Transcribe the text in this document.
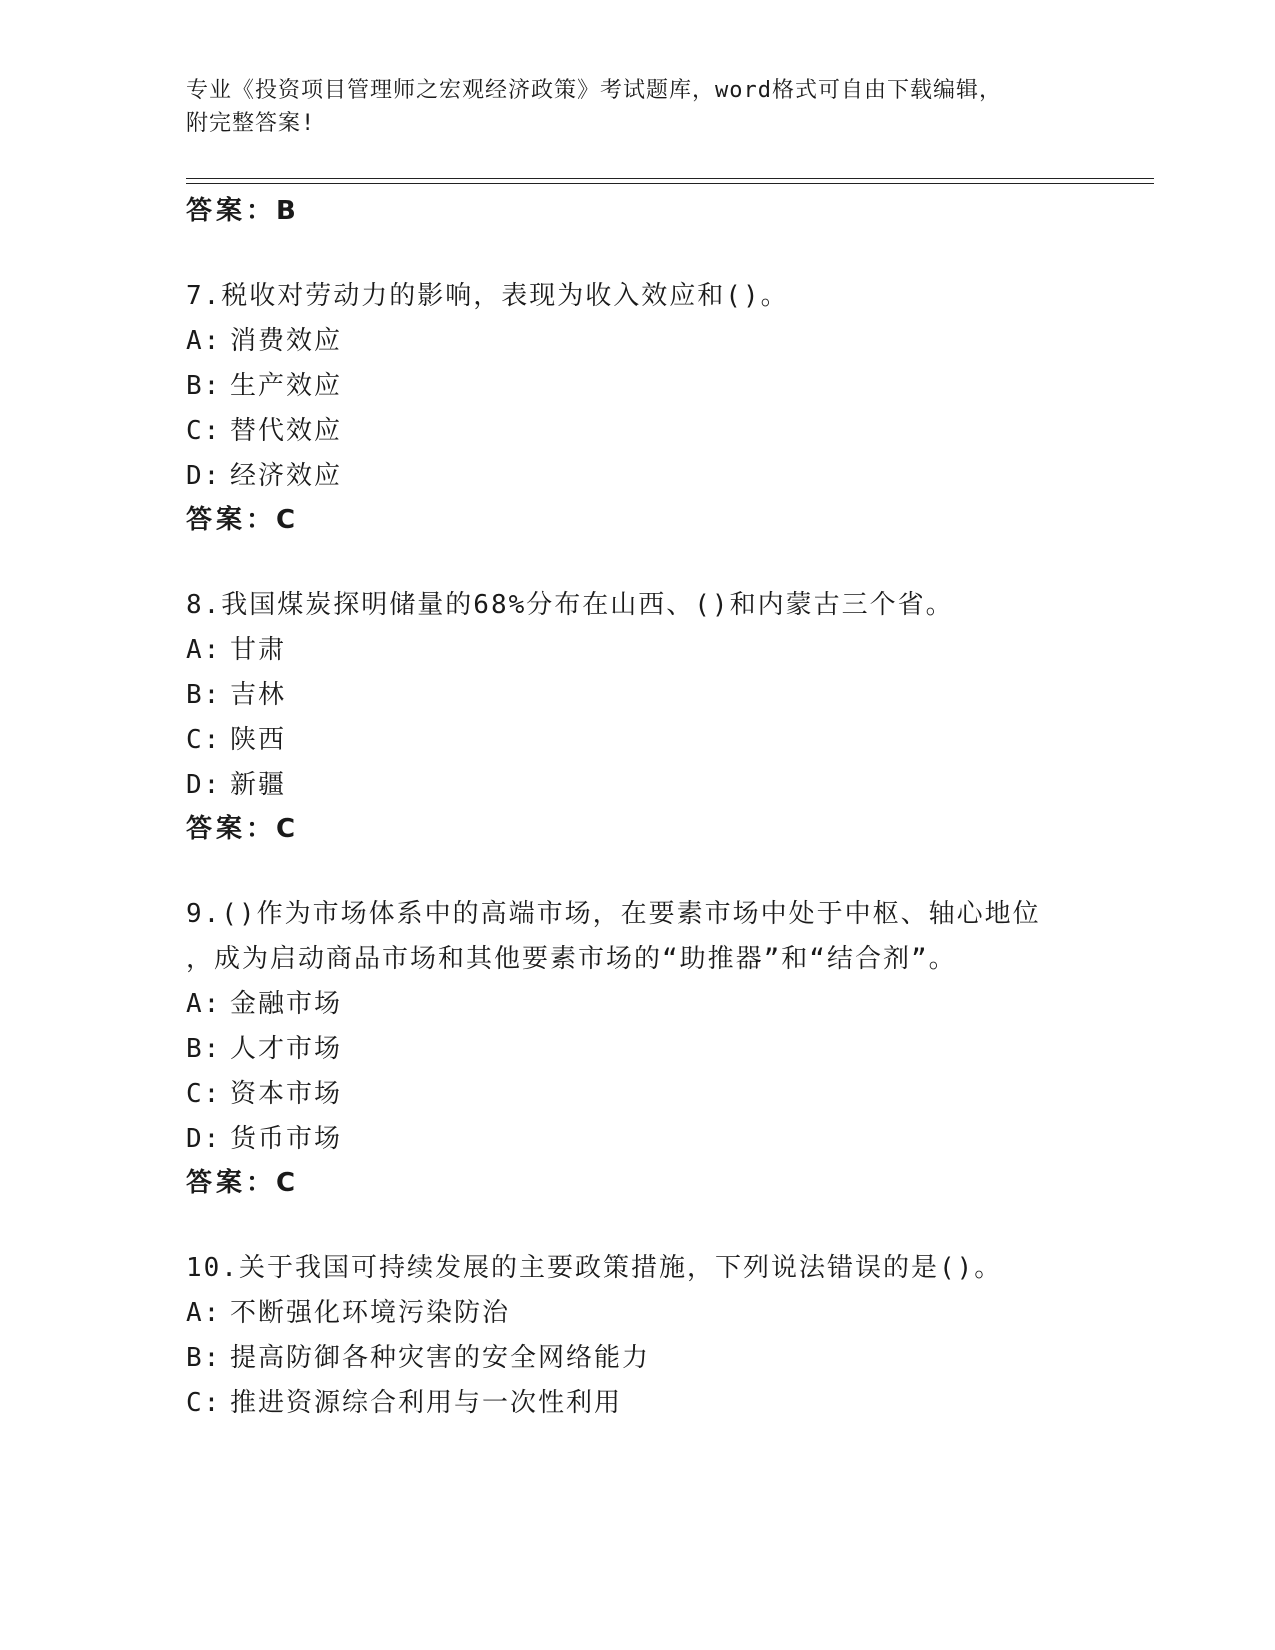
专业《投资项目管理师之宏观经济政策》考试题库，word格式可自由下载编辑，
附完整答案!
答案：B
7.税收对劳动力的影响，表现为收入效应和()。
A: 消费效应
B: 生产效应
C: 替代效应
D: 经济效应
答案：C
8.我国煤炭探明储量的68%分布在山西、()和内蒙古三个省。
A: 甘肃
B: 吉林
C: 陕西
D: 新疆
答案：C
9.()作为市场体系中的高端市场，在要素市场中处于中枢、轴心地位
，成为启动商品市场和其他要素市场的“助推器”和“结合剂”。
A: 金融市场
B: 人才市场
C: 资本市场
D: 货币市场
答案：C
10.关于我国可持续发展的主要政策措施，下列说法错误的是()。
A: 不断强化环境污染防治
B: 提高防御各种灾害的安全网络能力
C: 推进资源综合利用与一次性利用
